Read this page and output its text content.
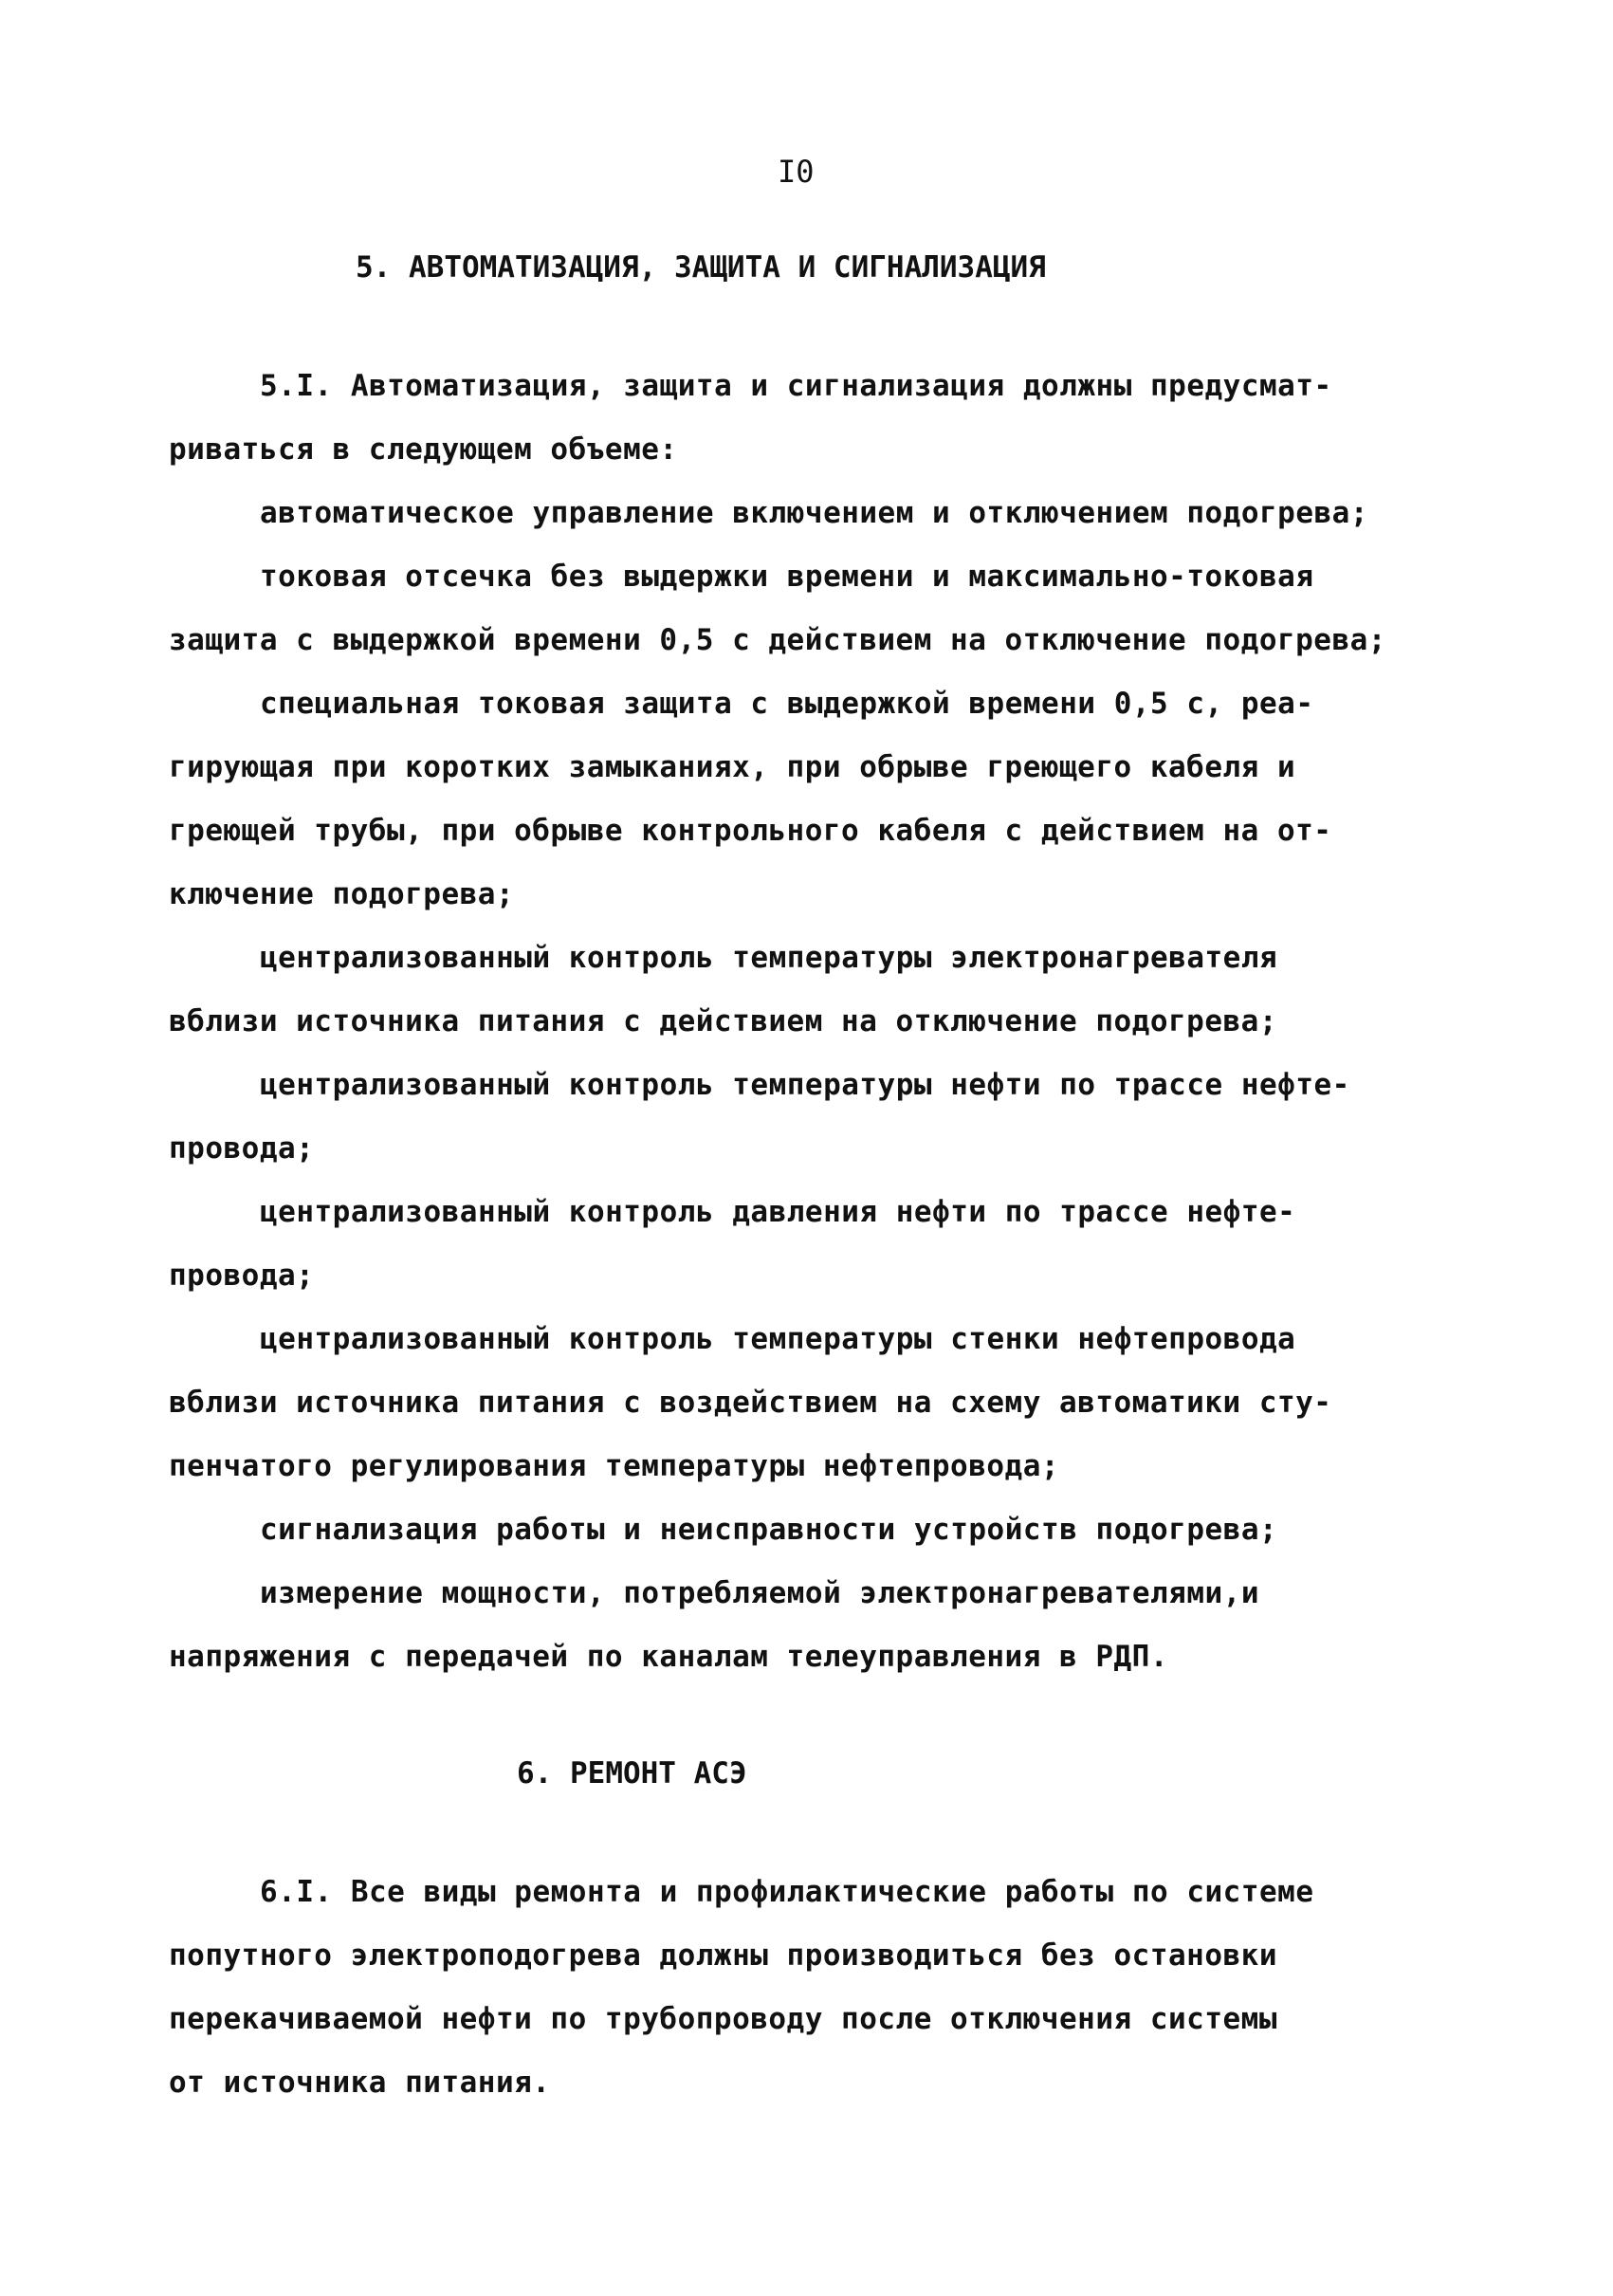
I0
5. АВТОМАТИЗАЦИЯ, ЗАЩИТА И СИГНАЛИЗАЦИЯ
5.I. Автоматизация, защита и сигнализация должны предусмат-
риваться в следующем объеме:
автоматическое управление включением и отключением подогрева;
токовая отсечка без выдержки времени и максимально-токовая
защита с выдержкой времени 0,5 с действием на отключение подогрева;
специальная токовая защита с выдержкой времени 0,5 с, реа-
гирующая при коротких замыканиях, при обрыве греющего кабеля и
греющей трубы, при обрыве контрольного кабеля с действием на от-
ключение подогрева;
централизованный контроль температуры электронагревателя
вблизи источника питания с действием на отключение подогрева;
централизованный контроль температуры нефти по трассе нефте-
провода;
централизованный контроль давления нефти по трассе нефте-
провода;
централизованный контроль температуры стенки нефтепровода
вблизи источника питания с воздействием на схему автоматики сту-
пенчатого регулирования температуры нефтепровода;
сигнализация работы и неисправности устройств подогрева;
измерение мощности, потребляемой электронагревателями,и
напряжения с передачей по каналам телеуправления в РДП.
6. РЕМОНТ АСЭ
6.I. Все виды ремонта и профилактические работы по системе
попутного электроподогрева должны производиться без остановки
перекачиваемой нефти по трубопроводу после отключения системы
от источника питания.
